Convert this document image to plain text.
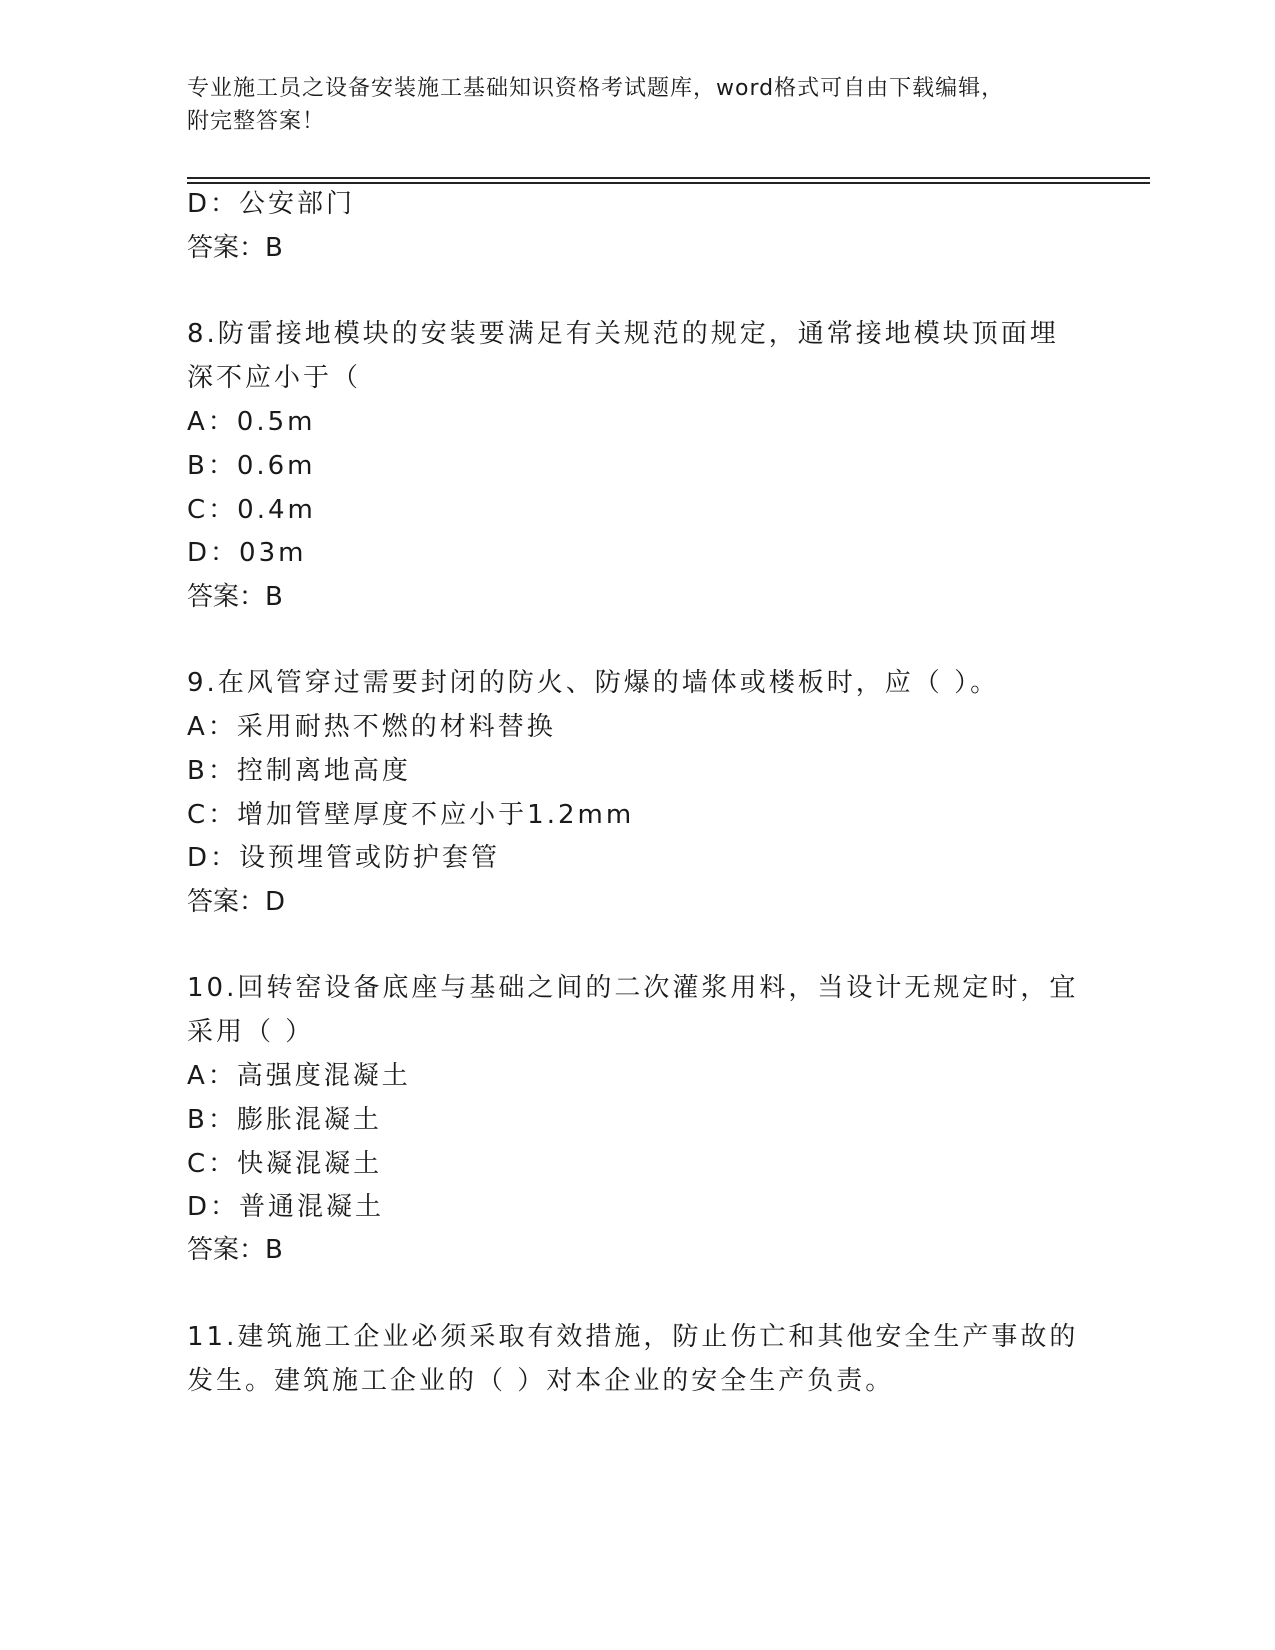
专业施工员之设备安装施工基础知识资格考试题库，word格式可自由下载编辑，
附完整答案！
D：公安部门
答案：B
8.防雷接地模块的安装要满足有关规范的规定，通常接地模块顶面埋
深不应小于（
A：0.5m
B：0.6m
C：0.4m
D：03m
答案：B
9.在风管穿过需要封闭的防火、防爆的墙体或楼板时，应（ ）。
A：采用耐热不燃的材料替换
B：控制离地高度
C：增加管壁厚度不应小于1.2mm
D：设预埋管或防护套管
答案：D
10.回转窑设备底座与基础之间的二次灌浆用料，当设计无规定时，宜
采用（ ）
A：高强度混凝土
B：膨胀混凝土
C：快凝混凝土
D：普通混凝土
答案：B
11.建筑施工企业必须采取有效措施，防止伤亡和其他安全生产事故的
发生。建筑施工企业的（ ）对本企业的安全生产负责。
